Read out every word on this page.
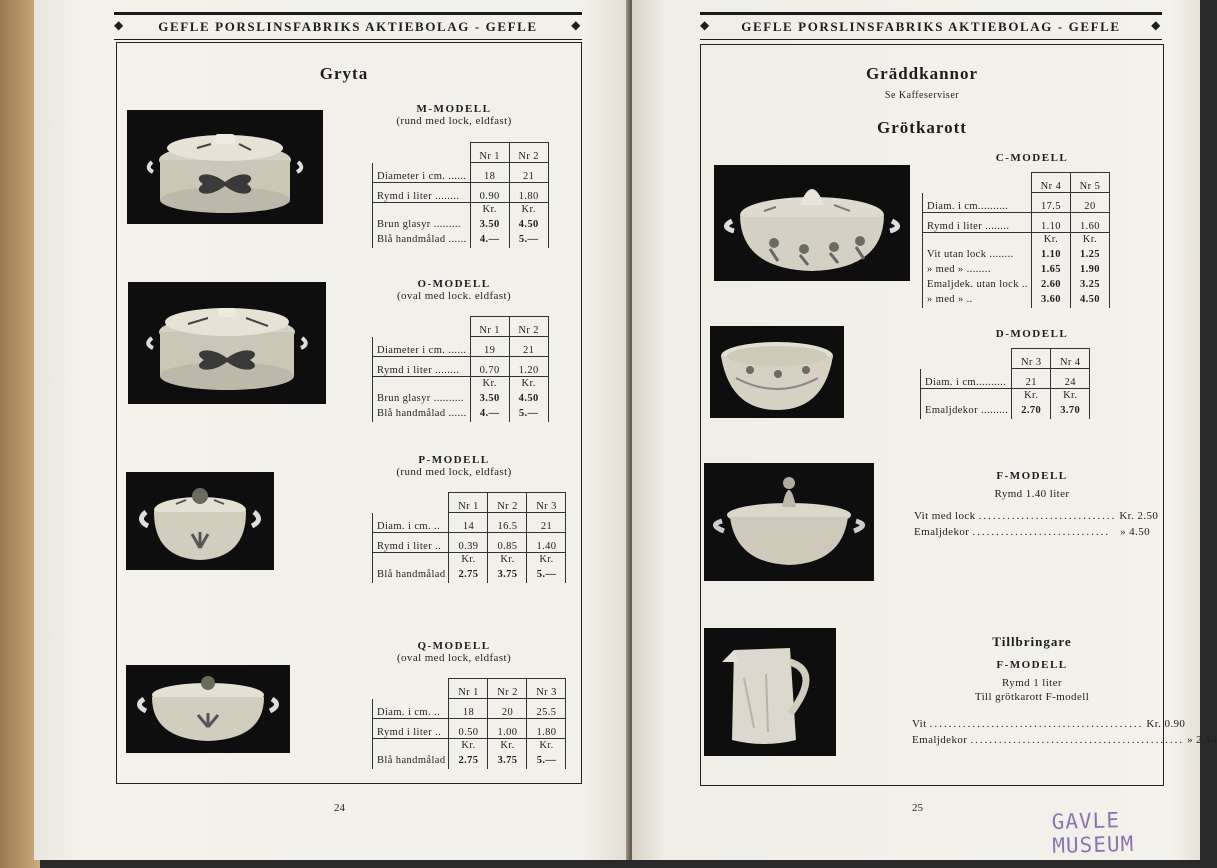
◆	GEFLE PORSLINSFABRIKS AKTIEBOLAG - GEFLE	◆
Gryta
M-MODELL
(rund med lock, eldfast)
	Nr 1	Nr 2
Diameter i cm. ......	18	21
Rymd i liter ........	0.90	1.80
	Kr.	Kr.
Brun glasyr .........	3.50	4.50
Blå handmålad ......	4.—	5.—
O-MODELL
(oval med lock. eldfast)
	Nr 1	Nr 2
Diameter i cm. ......	19	21
Rymd i liter ........	0.70	1.20
	Kr.	Kr.
Brun glasyr ..........	3.50	4.50
Blå handmålad ......	4.—	5.—
P-MODELL
(rund med lock, eldfast)
	Nr 1	Nr 2	Nr 3
Diam. i cm. ..	14	16.5	21
Rymd i liter ..	0.39	0.85	1.40
	Kr.	Kr.	Kr.
Blå handmålad	2.75	3.75	5.—
Q-MODELL
(oval med lock, eldfast)
	Nr 1	Nr 2	Nr 3
Diam. i cm. ..	18	20	25.5
Rymd i liter ..	0.50	1.00	1.80
	Kr.	Kr.	Kr.
Blå handmålad	2.75	3.75	5.—
24
◆ GEFLE PORSLINSFABRIKS AKTIEBOLAG - GEFLE	◆
Gräddkannor
Se Kaffeserviser
Grötkarott
C-MODELL
	Nr 4	Nr 5
Diam. i cm..........	17.5	20
Rymd i liter ........	1.10	1.60
	Kr.	Kr.
Vit utan lock ........	1.10	1.25
» med » ........	1.65	1.90
Emaljdek. utan lock ..	2.60	3.25
» med » ..	3.60	4.50
D-MODELL
	Nr 3	Nr 4
Diam. i cm..........	21	24
	Kr.	Kr.
Emaljdekor .........	2.70	3.70
F-MODELL
Rymd 1.40 liter
Vit med lock ............................. Kr. 2.50
Emaljdekor ............................. » 4.50
Tillbringare
F-MODELL
Rymd 1 liter
Till grötkarott F-modell
Vit ............................................. Kr. 0.90
Emaljdekor ............................................. » 2.50
25
GAVLE MUSEUM
